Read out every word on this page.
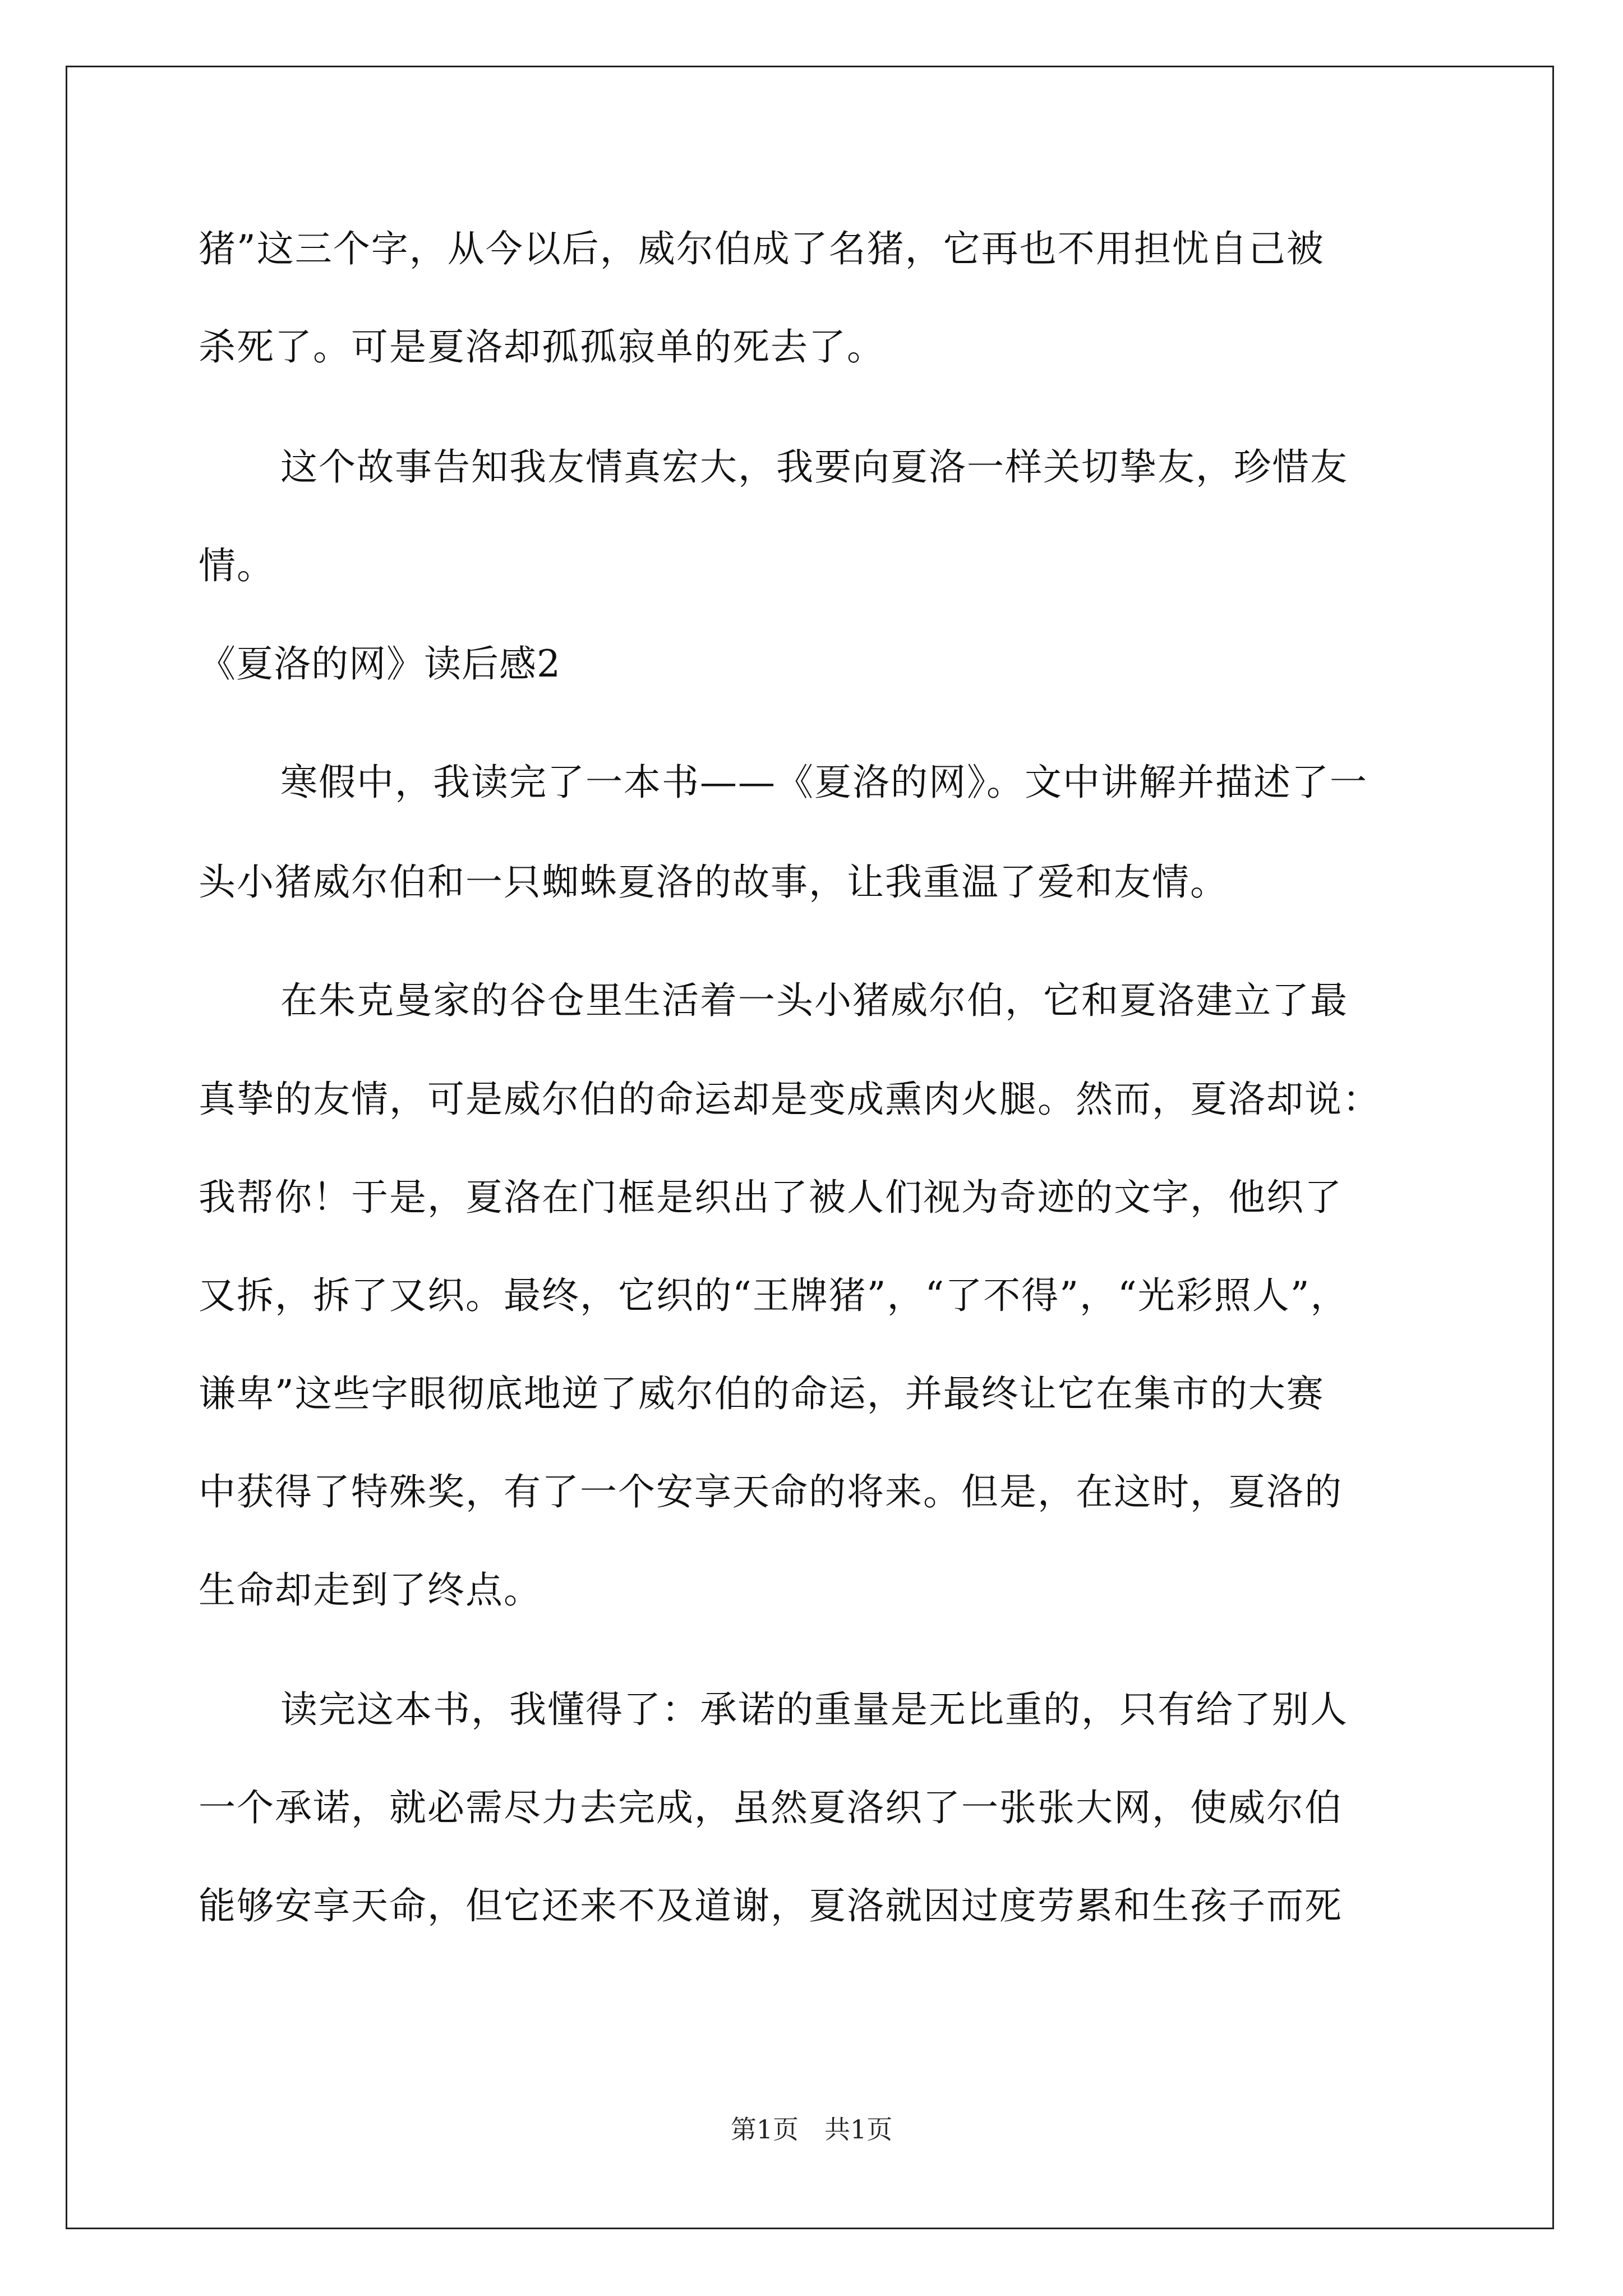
猪”这三个字，从今以后，威尔伯成了名猪，它再也不用担忧自己被
杀死了。可是夏洛却孤孤寂单的死去了。
这个故事告知我友情真宏大，我要向夏洛一样关切挚友，珍惜友
情。
《夏洛的网》读后感2
寒假中，我读完了一本书——《夏洛的网》。文中讲解并描述了一
头小猪威尔伯和一只蜘蛛夏洛的故事，让我重温了爱和友情。
在朱克曼家的谷仓里生活着一头小猪威尔伯，它和夏洛建立了最
真挚的友情，可是威尔伯的命运却是变成熏肉火腿。然而，夏洛却说：
我帮你！于是，夏洛在门框是织出了被人们视为奇迹的文字，他织了
又拆，拆了又织。最终，它织的“王牌猪”，“了不得”，“光彩照人”，
谦卑”这些字眼彻底地逆了威尔伯的命运，并最终让它在集市的大赛
中获得了特殊奖，有了一个安享天命的将来。但是，在这时，夏洛的
生命却走到了终点。
读完这本书，我懂得了：承诺的重量是无比重的，只有给了别人
一个承诺，就必需尽力去完成，虽然夏洛织了一张张大网，使威尔伯
能够安享天命，但它还来不及道谢，夏洛就因过度劳累和生孩子而死
第1页　共1页
